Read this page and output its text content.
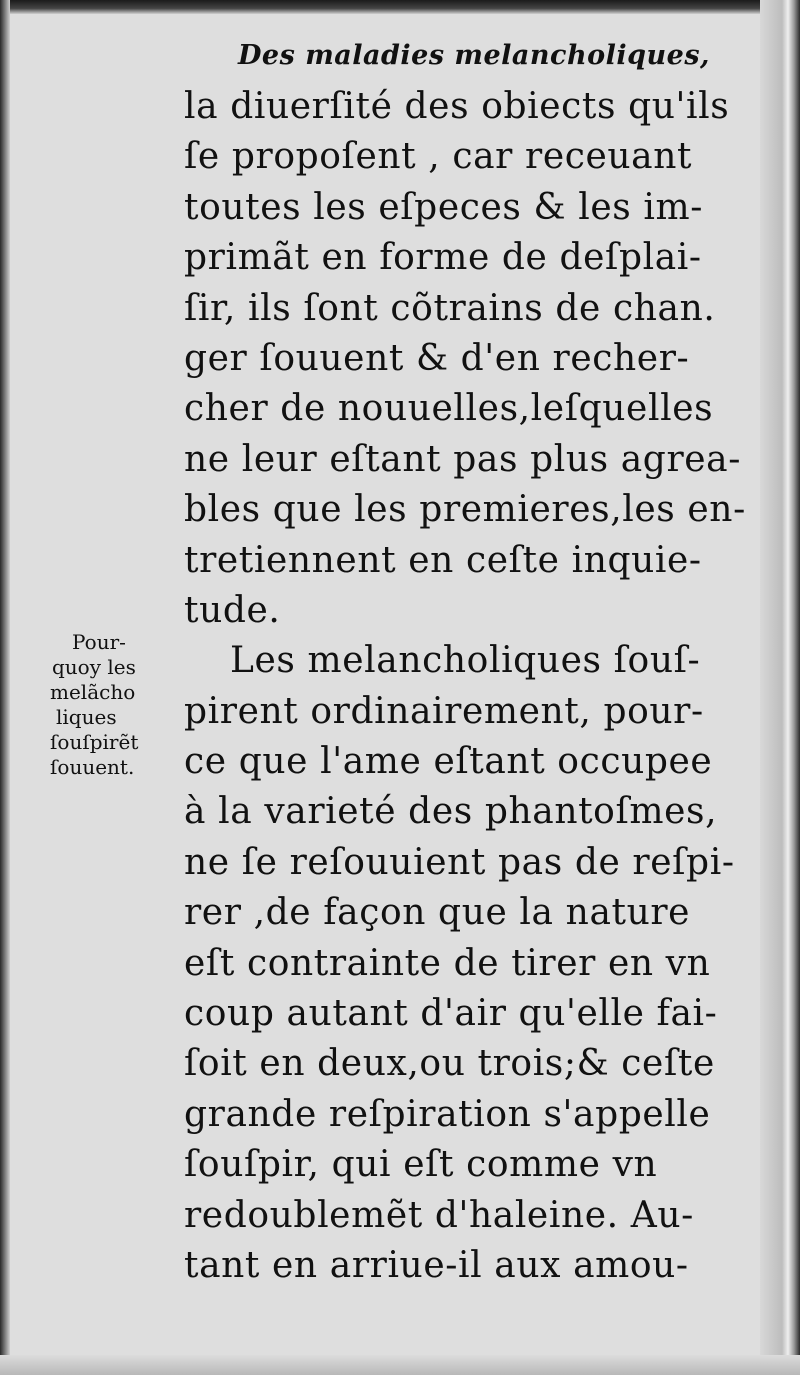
Des maladies melancholiques,
la diuerſité des obiects qu'ils
ſe propoſent , car receuant
toutes les eſpeces & les im-
primãt en forme de deſplai-
ſir, ils ſont cõtrains de chan.
ger ſouuent & d'en recher-
cher de nouuelles,leſquelles
ne leur eſtant pas plus agrea-
bles que les premieres,les en-
tretiennent en ceſte inquie-
tude.
Les melancholiques ſouſ-
pirent ordinairement, pour-
ce que l'ame eſtant occupee
à la varieté des phantoſmes,
ne ſe reſouuient pas de reſpi-
rer ,de façon que la nature
eſt contrainte de tirer en vn
coup autant d'air qu'elle fai-
ſoit en deux,ou trois;& ceſte
grande reſpiration s'appelle
ſouſpir, qui eſt comme vn
redoublemẽt d'haleine. Au-
tant en arriue-il aux amou-
Pour-
quoy les
melãcho
liques
ſouſpirẽt
ſouuent.
